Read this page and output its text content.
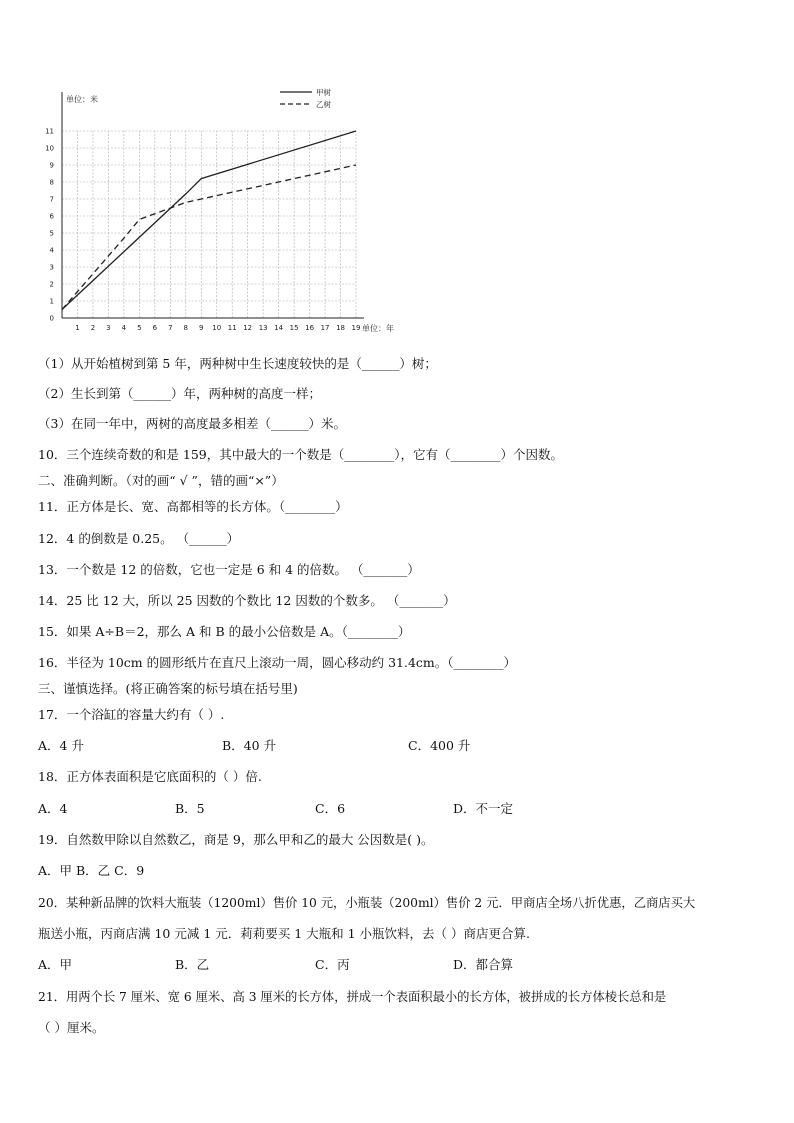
1 2 3 4 5 6 7 8 9 10 11 12 13 14 15 16 17 18 19
0
1
2
3
4
5
6
7
8
9
10
11
单位：米
单位：年
甲树
乙树
（1）从开始植树到第 5 年，两种树中生长速度较快的是（______）树；
（2）生长到第（______）年，两种树的高度一样；
（3）在同一年中，两树的高度最多相差（______）米。
10．三个连续奇数的和是 159，其中最大的一个数是（________），它有（________）个因数。
二、准确判断。（对的画“ √ ”，错的画“×”）
11．正方体是长、宽、高都相等的长方体。（________）
12．4 的倒数是 0.25。 （______）
13．一个数是 12 的倍数，它也一定是 6 和 4 的倍数。 （_______）
14．25 比 12 大，所以 25 因数的个数比 12 因数的个数多。 （_______）
15．如果 A÷B＝2，那么 A 和 B 的最小公倍数是 A。（________）
16．半径为 10cm 的圆形纸片在直尺上滚动一周，圆心移动约 31.4cm。（________）
三、谨慎选择。(将正确答案的标号填在括号里)
17．一个浴缸的容量大约有（ ）.
A．4 升	B．40 升	C．400 升
18．正方体表面积是它底面积的（ ）倍.
A．4	B．5	C．6	D．不一定
19．自然数甲除以自然数乙，商是 9，那么甲和乙的最大 公因数是( )。
A．甲 B．乙 C．9
20．某种新品牌的饮料大瓶装（1200ml）售价 10 元，小瓶装（200ml）售价 2 元．甲商店全场八折优惠，乙商店买大
瓶送小瓶，丙商店满 10 元减 1 元．莉莉要买 1 大瓶和 1 小瓶饮料，去（ ）商店更合算.
A．甲	B．乙	C．丙	D．都合算
21．用两个长 7 厘米、宽 6 厘米、高 3 厘米的长方体，拼成一个表面积最小的长方体，被拼成的长方体棱长总和是
（ ）厘米。
